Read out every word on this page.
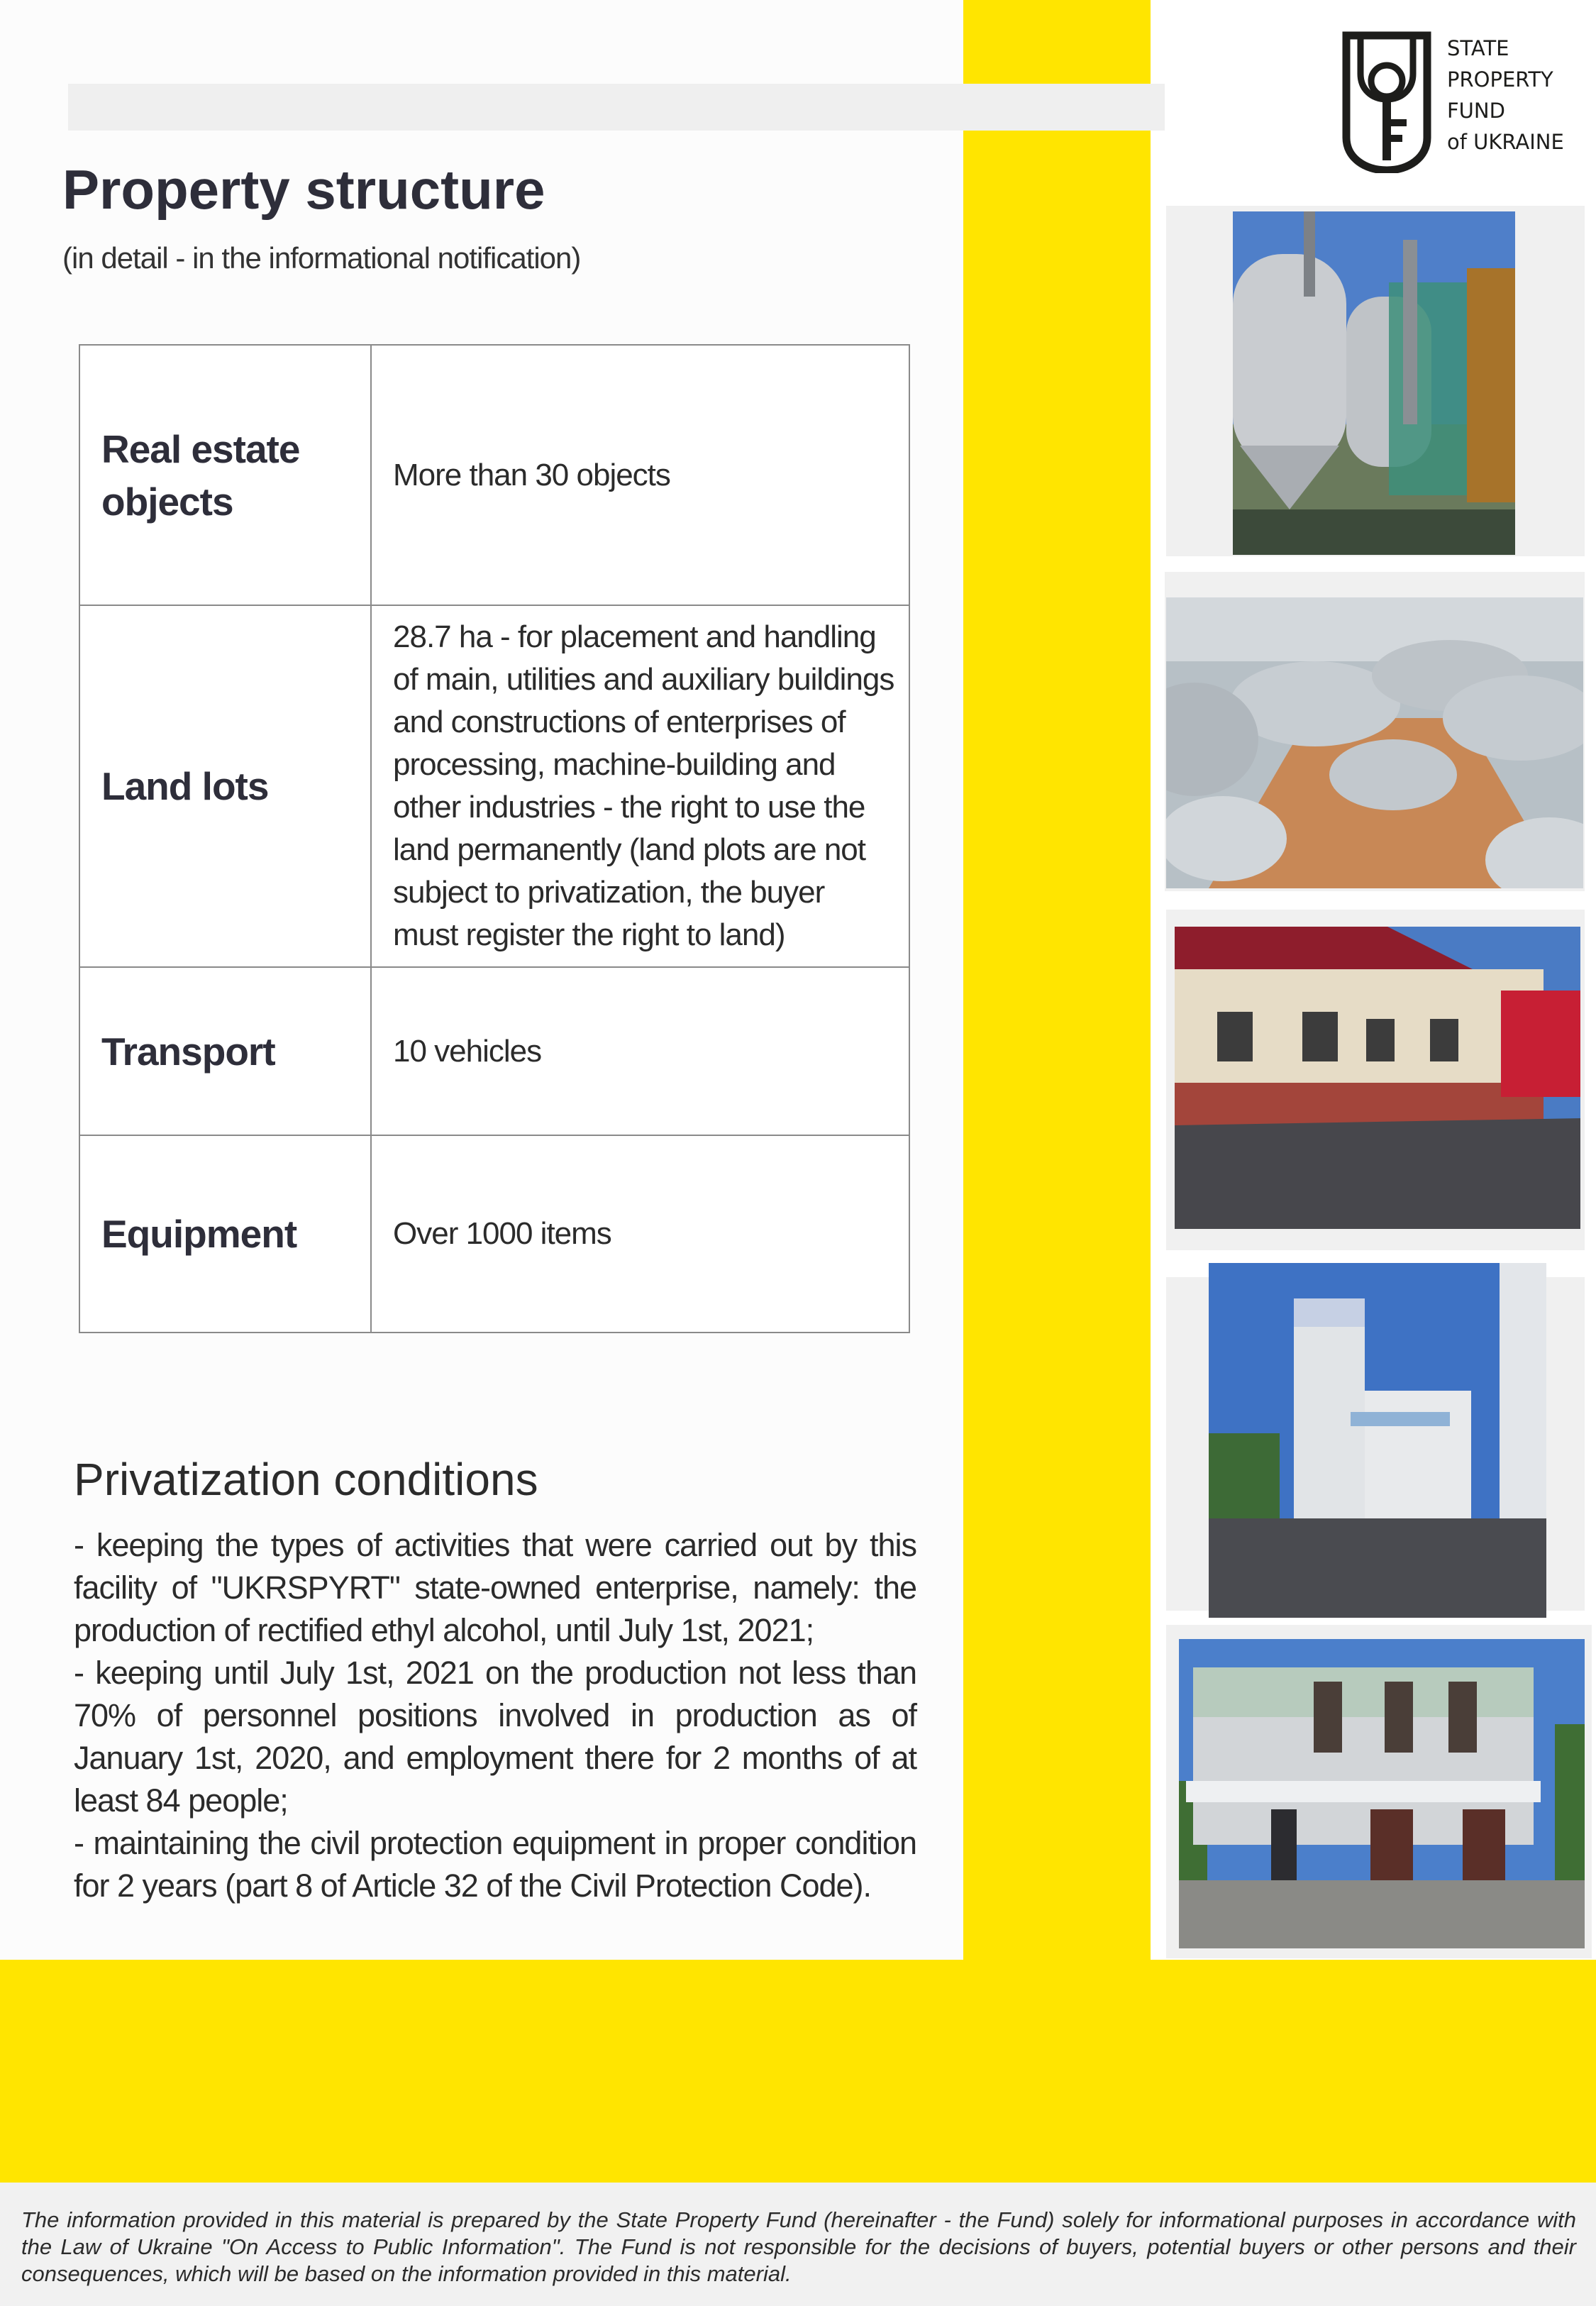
STATE
PROPERTY
FUND
of UKRAINE
Property structure
(in detail - in the informational notification)
Real estate objects	More than 30 objects
Land lots	28.7 ha - for placement and handling of main, utilities and auxiliary buildings and constructions of enterprises of processing, machine-building and other industries - the right to use the land permanently (land plots are not subject to privatization, the buyer must register the right to land)
Transport	10 vehicles
Equipment	Over 1000 items
Privatization conditions

- keeping the types of activities that were carried out by this facility of "UKRSPYRT" state-owned enterprise, namely: the production of rectified ethyl alcohol, until July 1st, 2021;

- keeping until July 1st, 2021 on the production not less than 70% of personnel positions involved in production as of January 1st, 2020, and employment there for 2 months of at least 84 people;

- maintaining the civil protection equipment in proper condition for 2 years (part 8 of Article 32 of the Civil Protection Code).

The information provided in this material is prepared by the State Property Fund (hereinafter - the Fund) solely for informational purposes in accordance with the Law of Ukraine "On Access to Public Information". The Fund is not responsible for the decisions of buyers, potential buyers or other persons and their consequences, which will be based on the information provided in this material.
